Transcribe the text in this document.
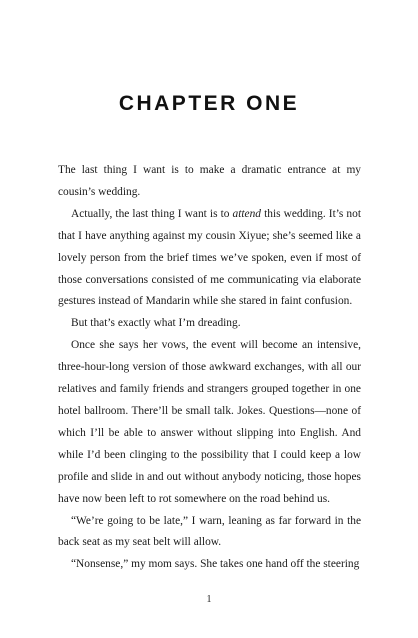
CHAPTER ONE

The last thing I want is to make a dramatic entrance at my cousin’s wedding.

Actually, the last thing I want is to attend this wedding. It’s not that I have anything against my cousin Xiyue; she’s seemed like a lovely person from the brief times we’ve spoken, even if most of those conversations consisted of me communicating via elaborate gestures instead of Mandarin while she stared in faint confusion.

But that’s exactly what I’m dreading.

Once she says her vows, the event will become an intensive, three-hour-long version of those awkward exchanges, with all our relatives and family friends and strangers grouped together in one hotel ballroom. There’ll be small talk. Jokes. Questions—none of which I’ll be able to answer without slipping into English. And while I’d been clinging to the possibility that I could keep a low profile and slide in and out without anybody noticing, those hopes have now been left to rot somewhere on the road behind us.

“We’re going to be late,” I warn, leaning as far forward in the back seat as my seat belt will allow.

“Nonsense,” my mom says. She takes one hand off the steering

1
